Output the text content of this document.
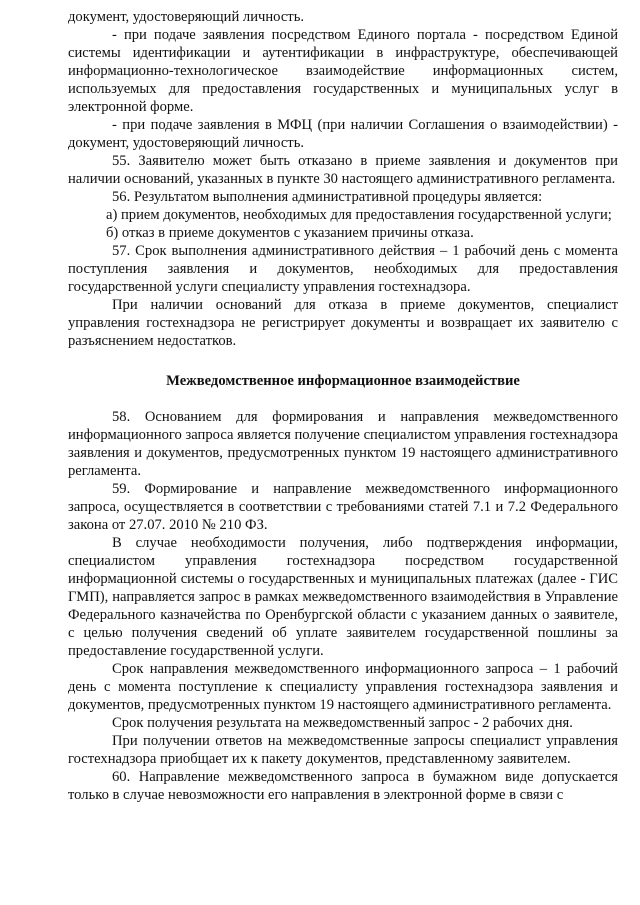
документ, удостоверяющий личность.

- при подаче заявления посредством Единого портала - посредством Единой системы идентификации и аутентификации в инфраструктуре, обеспечивающей информационно-технологическое взаимодействие информационных систем, используемых для предоставления государственных и муниципальных услуг в электронной форме.

- при подаче заявления в МФЦ (при наличии Соглашения о взаимодействии) - документ, удостоверяющий личность.

55. Заявителю может быть отказано в приеме заявления и документов при наличии оснований, указанных в пункте 30 настоящего административного регламента.

56. Результатом выполнения административной процедуры является:

а) прием документов, необходимых для предоставления государственной услуги;

б) отказ в приеме документов с указанием причины отказа.

57. Срок выполнения административного действия – 1 рабочий день с момента поступления заявления и документов, необходимых для предоставления государственной услуги специалисту управления гостехнадзора.

При наличии оснований для отказа в приеме документов, специалист управления гостехнадзора не регистрирует документы и возвращает их заявителю с разъяснением недостатков.

Межведомственное информационное взаимодействие

58. Основанием для формирования и направления межведомственного информационного запроса является получение специалистом управления гостехнадзора заявления и документов, предусмотренных пунктом 19 настоящего административного регламента.

59. Формирование и направление межведомственного информационного запроса, осуществляется в соответствии с требованиями статей 7.1 и 7.2 Федерального закона от 27.07. 2010 № 210 ФЗ.

В случае необходимости получения, либо подтверждения информации, специалистом управления гостехнадзора посредством государственной информационной системы о государственных и муниципальных платежах (далее - ГИС ГМП), направляется запрос в рамках межведомственного взаимодействия в Управление Федерального казначейства по Оренбургской области с указанием данных о заявителе, с целью получения сведений об уплате заявителем государственной пошлины за предоставление государственной услуги.

Срок направления межведомственного информационного запроса – 1 рабочий день с момента поступление к специалисту управления гостехнадзора заявления и документов, предусмотренных пунктом 19 настоящего административного регламента.

Срок получения результата на межведомственный запрос - 2 рабочих дня.

При получении ответов на межведомственные запросы специалист управления гостехнадзора приобщает их к пакету документов, представленному заявителем.

60. Направление межведомственного запроса в бумажном виде допускается только в случае невозможности его направления в электронной форме в связи с
